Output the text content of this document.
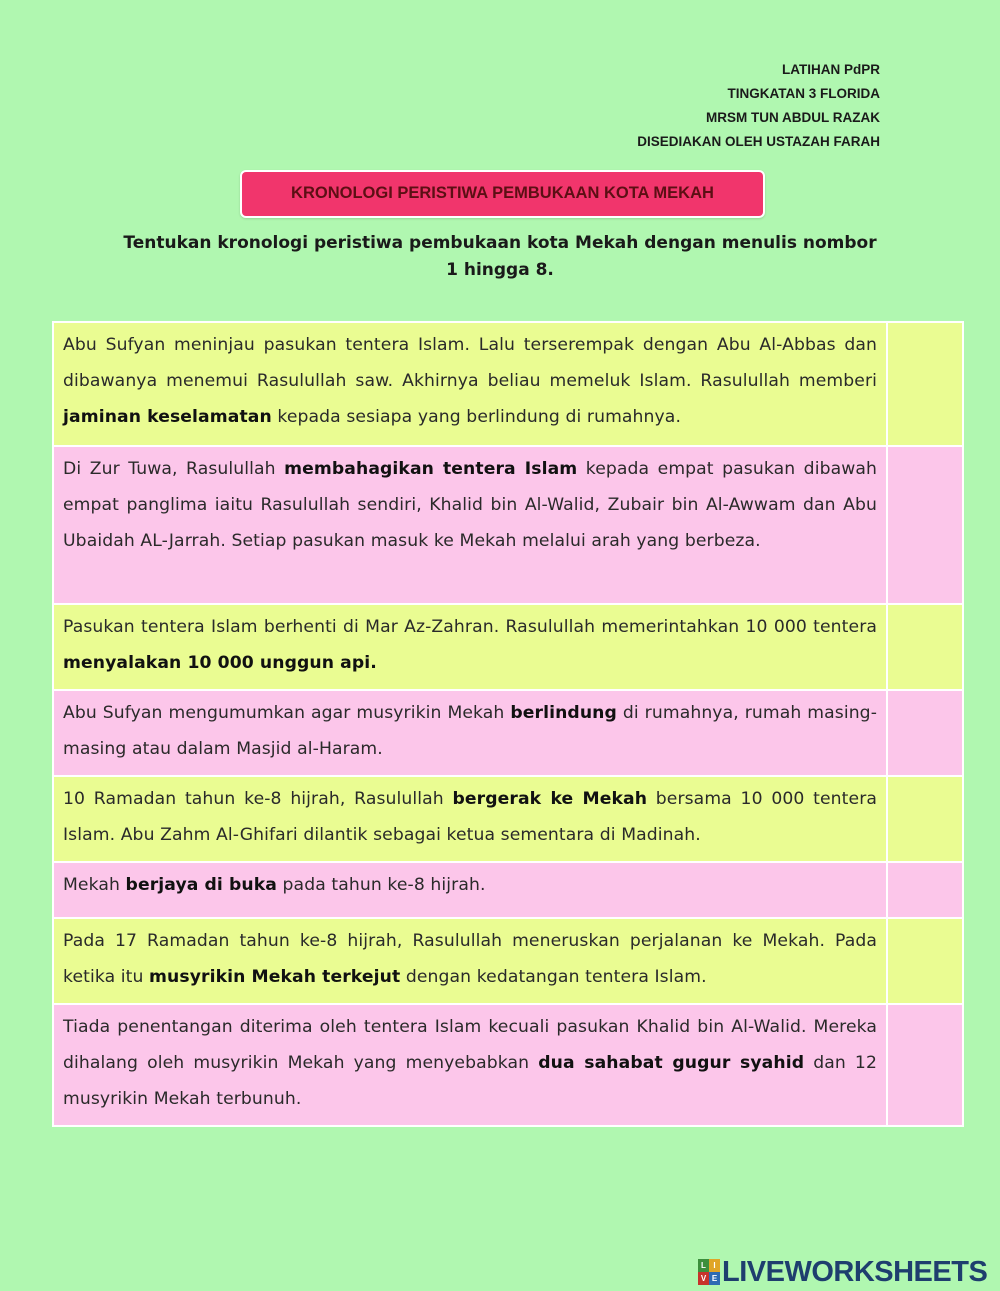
LATIHAN PdPR
TINGKATAN 3 FLORIDA
MRSM TUN ABDUL RAZAK
DISEDIAKAN OLEH USTAZAH FARAH
KRONOLOGI PERISTIWA PEMBUKAAN KOTA MEKAH
Tentukan kronologi peristiwa pembukaan kota Mekah dengan menulis nombor
1 hingga 8.
Abu Sufyan meninjau pasukan tentera Islam. Lalu terserempak dengan Abu Al-Abbas dan dibawanya menemui Rasulullah saw. Akhirnya beliau memeluk Islam. Rasulullah memberi jaminan keselamatan kepada sesiapa yang berlindung di rumahnya.	

Di Zur Tuwa, Rasulullah membahagikan tentera Islam kepada empat pasukan dibawah empat panglima iaitu Rasulullah sendiri, Khalid bin Al-Walid, Zubair bin Al-Awwam dan Abu Ubaidah AL-Jarrah. Setiap pasukan masuk ke Mekah melalui arah yang berbeza.	

Pasukan tentera Islam berhenti di Mar Az-Zahran. Rasulullah memerintahkan 10 000 tentera menyalakan 10 000 unggun api.	

Abu Sufyan mengumumkan agar musyrikin Mekah berlindung di rumahnya, rumah masing-masing atau dalam Masjid al-Haram.	

10 Ramadan tahun ke-8 hijrah, Rasulullah bergerak ke Mekah bersama 10 000 tentera Islam. Abu Zahm Al-Ghifari dilantik sebagai ketua sementara di Madinah.	

Mekah berjaya di buka pada tahun ke-8 hijrah.	

Pada 17 Ramadan tahun ke-8 hijrah, Rasulullah meneruskan perjalanan ke Mekah. Pada ketika itu musyrikin Mekah terkejut dengan kedatangan tentera Islam.	

Tiada penentangan diterima oleh tentera Islam kecuali pasukan Khalid bin Al-Walid. Mereka dihalang oleh musyrikin Mekah yang menyebabkan dua sahabat gugur syahid dan 12 musyrikin Mekah terbunuh.	

L I
V E LIVEWORKSHEETS
